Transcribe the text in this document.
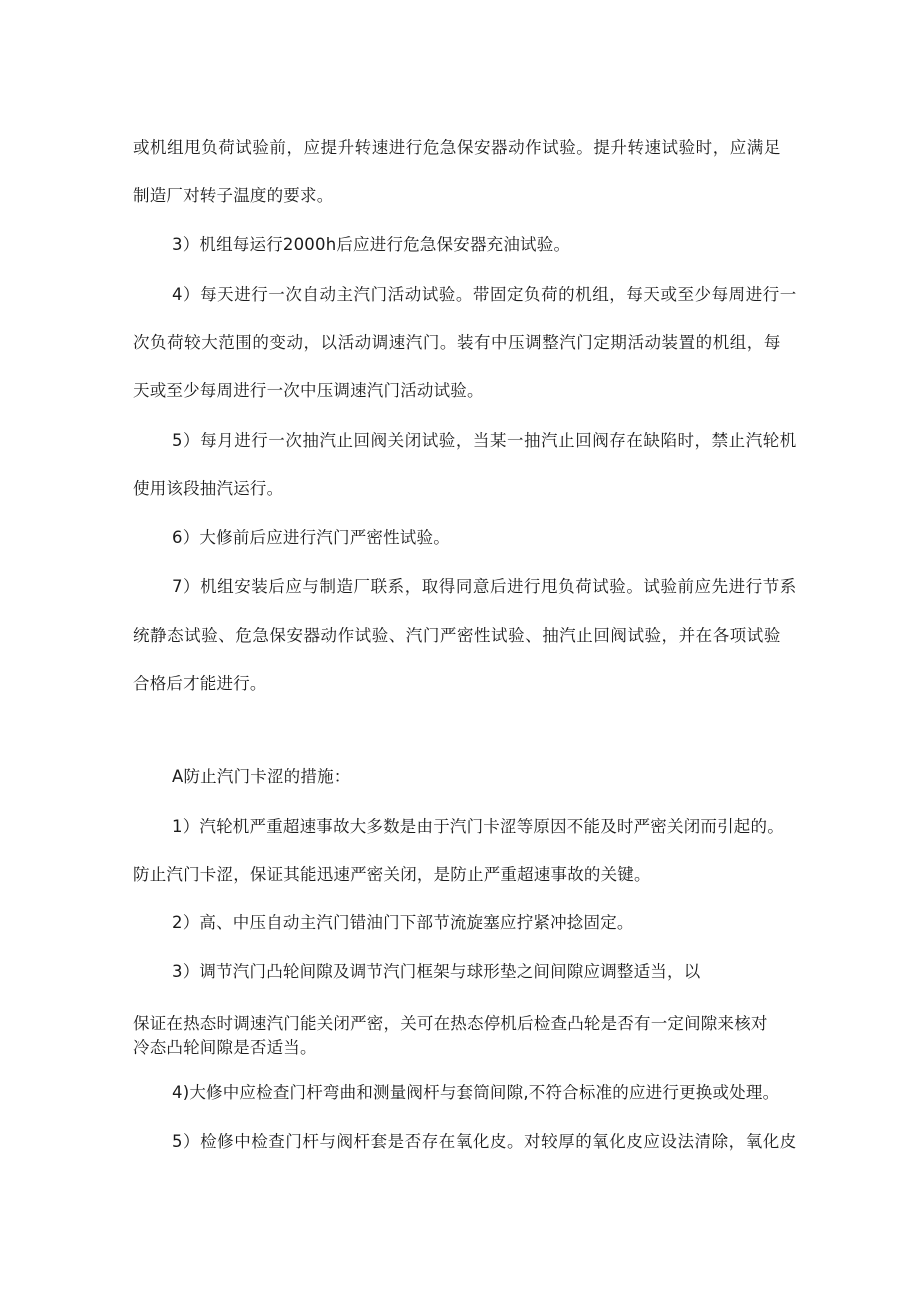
或机组甩负荷试验前，应提升转速进行危急保安器动作试验。提升转速试验时，应满足
制造厂对转子温度的要求。
3）机组每运行2000h后应进行危急保安器充油试验。
4）每天进行一次自动主汽门活动试验。带固定负荷的机组，每天或至少每周进行一
次负荷较大范围的变动，以活动调速汽门。装有中压调整汽门定期活动装置的机组，每
天或至少每周进行一次中压调速汽门活动试验。
5）每月进行一次抽汽止回阀关闭试验，当某一抽汽止回阀存在缺陷时，禁止汽轮机
使用该段抽汽运行。
6）大修前后应进行汽门严密性试验。
7）机组安装后应与制造厂联系，取得同意后进行甩负荷试验。试验前应先进行节系
统静态试验、危急保安器动作试验、汽门严密性试验、抽汽止回阀试验，并在各项试验
合格后才能进行。
A防止汽门卡涩的措施：
1）汽轮机严重超速事故大多数是由于汽门卡涩等原因不能及时严密关闭而引起的。
防止汽门卡涩，保证其能迅速严密关闭，是防止严重超速事故的关键。
2）高、中压自动主汽门错油门下部节流旋塞应拧紧冲捻固定。
3）调节汽门凸轮间隙及调节汽门框架与球形垫之间间隙应调整适当，以
保证在热态时调速汽门能关闭严密，关可在热态停机后检查凸轮是否有一定间隙来核对
冷态凸轮间隙是否适当。
4)大修中应检查门杆弯曲和测量阀杆与套筒间隙,不符合标准的应进行更换或处理。
5）检修中检查门杆与阀杆套是否存在氧化皮。对较厚的氧化皮应设法清除，氧化皮
